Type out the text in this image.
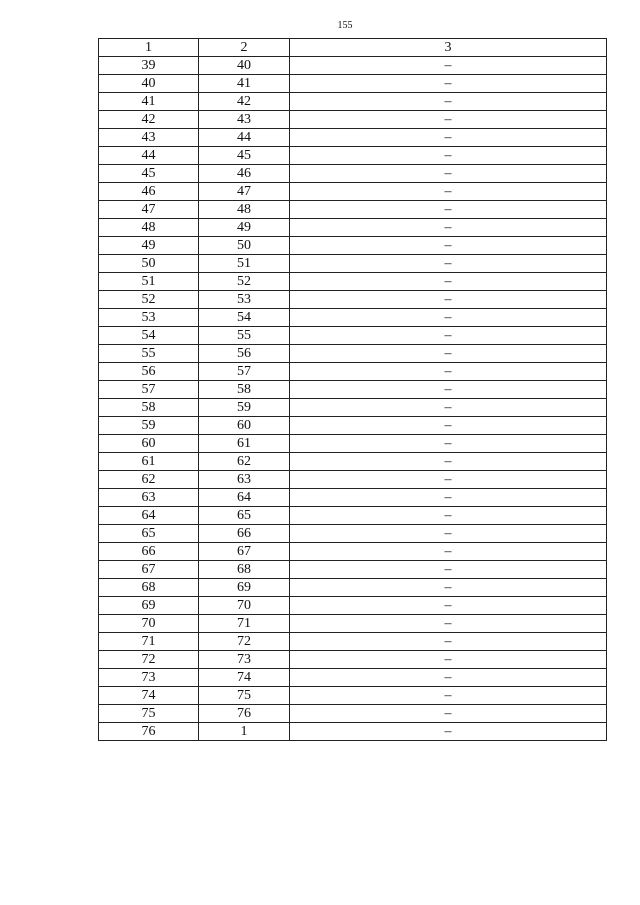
155
1	2	3
39	40	–
40	41	–
41	42	–
42	43	–
43	44	–
44	45	–
45	46	–
46	47	–
47	48	–
48	49	–
49	50	–
50	51	–
51	52	–
52	53	–
53	54	–
54	55	–
55	56	–
56	57	–
57	58	–
58	59	–
59	60	–
60	61	–
61	62	–
62	63	–
63	64	–
64	65	–
65	66	–
66	67	–
67	68	–
68	69	–
69	70	–
70	71	–
71	72	–
72	73	–
73	74	–
74	75	–
75	76	–
76	1	–
